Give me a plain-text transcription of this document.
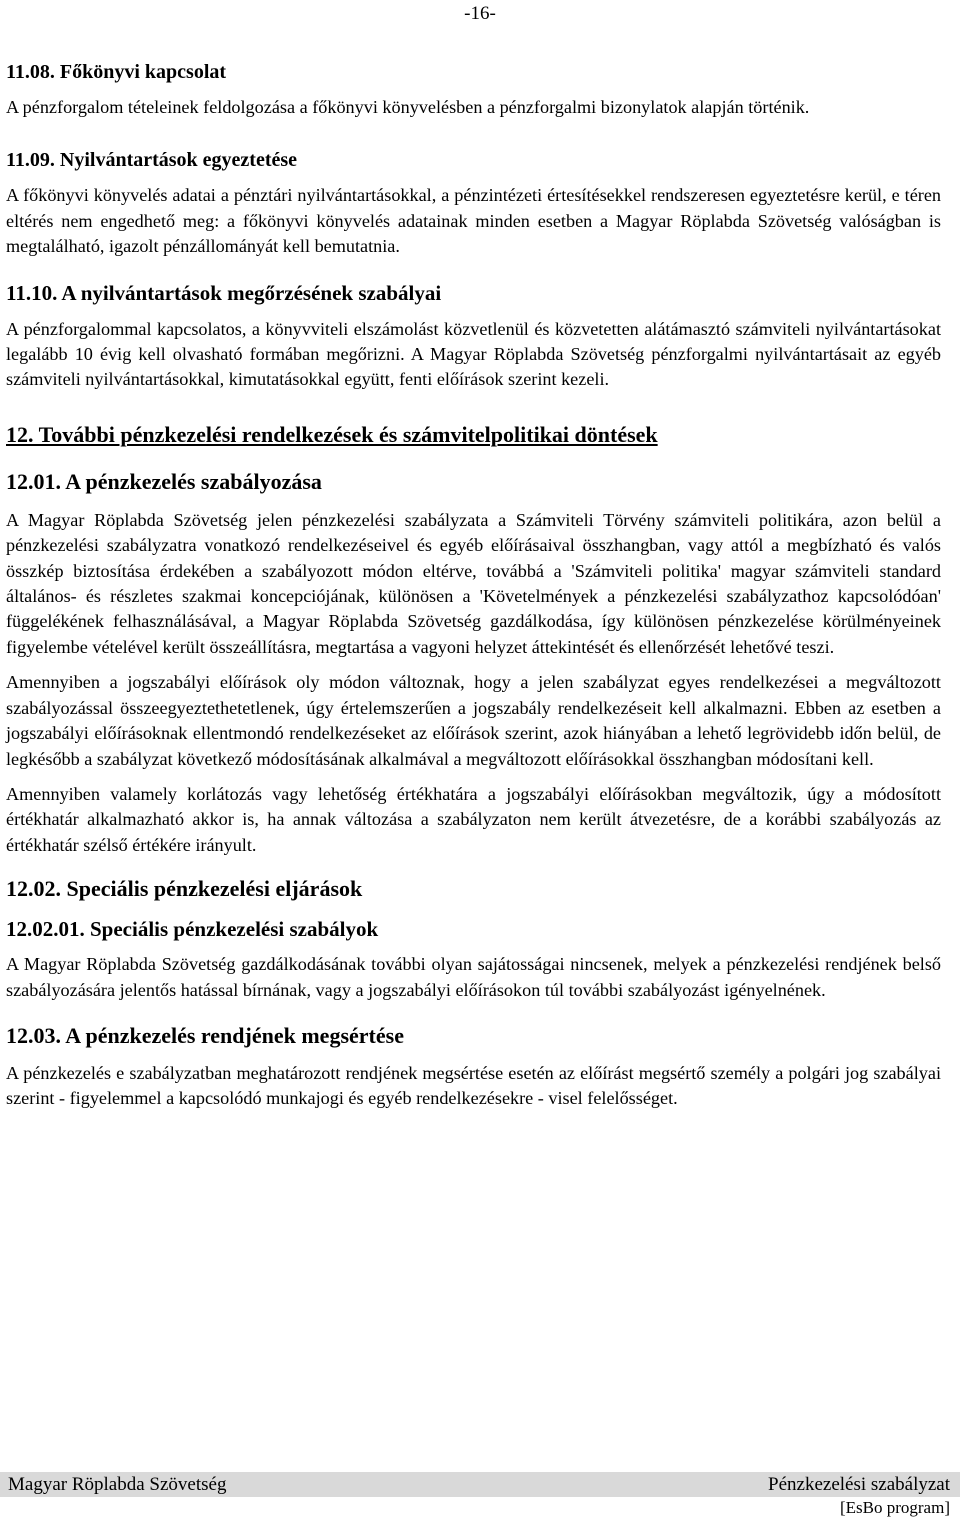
-16-
11.08. Főkönyvi kapcsolat

A pénzforgalom tételeinek feldolgozása a főkönyvi könyvelésben a pénzforgalmi bizonylatok alapján történik.

11.09. Nyilvántartások egyeztetése

A főkönyvi könyvelés adatai a pénztári nyilvántartásokkal, a pénzintézeti értesítésekkel rendszeresen egyeztetésre kerül, e téren eltérés nem engedhető meg: a főkönyvi könyvelés adatainak minden esetben a Magyar Röplabda Szövetség valóságban is megtalálható, igazolt pénzállományát kell bemutatnia.

11.10. A nyilvántartások megőrzésének szabályai

A pénzforgalommal kapcsolatos, a könyvviteli elszámolást közvetlenül és közvetetten alátámasztó számviteli nyilvántartásokat legalább 10 évig kell olvasható formában megőrizni. A Magyar Röplabda Szövetség pénzforgalmi nyilvántartásait az egyéb számviteli nyilvántartásokkal, kimutatásokkal együtt, fenti előírások szerint kezeli.

12. További pénzkezelési rendelkezések és számvitelpolitikai döntések
12.01. A pénzkezelés szabályozása

A Magyar Röplabda Szövetség jelen pénzkezelési szabályzata a Számviteli Törvény számviteli politikára, azon belül a pénzkezelési szabályzatra vonatkozó rendelkezéseivel és egyéb előírásaival összhangban, vagy attól a megbízható és valós összkép biztosítása érdekében a szabályozott módon eltérve, továbbá a 'Számviteli politika' magyar számviteli standard általános- és részletes szakmai koncepciójának, különösen a 'Követelmények a pénzkezelési szabályzathoz kapcsolódóan' függelékének felhasználásával, a Magyar Röplabda Szövetség gazdálkodása, így különösen pénzkezelése körülményeinek figyelembe vételével került összeállításra, megtartása a vagyoni helyzet áttekintését és ellenőrzését lehetővé teszi.

Amennyiben a jogszabályi előírások oly módon változnak, hogy a jelen szabályzat egyes rendelkezései a megváltozott szabályozással összeegyeztethetetlenek, úgy értelemszerűen a jogszabály rendelkezéseit kell alkalmazni. Ebben az esetben a jogszabályi előírásoknak ellentmondó rendelkezéseket az előírások szerint, azok hiányában a lehető legrövidebb időn belül, de legkésőbb a szabályzat következő módosításának alkalmával a megváltozott előírásokkal összhangban módosítani kell.

Amennyiben valamely korlátozás vagy lehetőség értékhatára a jogszabályi előírásokban megváltozik, úgy a módosított értékhatár alkalmazható akkor is, ha annak változása a szabályzaton nem került átvezetésre, de a korábbi szabályozás az értékhatár szélső értékére irányult.

12.02. Speciális pénzkezelési eljárások
12.02.01. Speciális pénzkezelési szabályok

A Magyar Röplabda Szövetség gazdálkodásának további olyan sajátosságai nincsenek, melyek a pénzkezelési rendjének belső szabályozására jelentős hatással bírnának, vagy a jogszabályi előírásokon túl további szabályozást igényelnének.

12.03. A pénzkezelés rendjének megsértése

A pénzkezelés e szabályzatban meghatározott rendjének megsértése esetén az előírást megsértő személy a polgári jog szabályai szerint - figyelemmel a kapcsolódó munkajogi és egyéb rendelkezésekre - visel felelősséget.

Magyar Röplabda Szövetség	Pénzkezelési szabályzat
[EsBo program]
